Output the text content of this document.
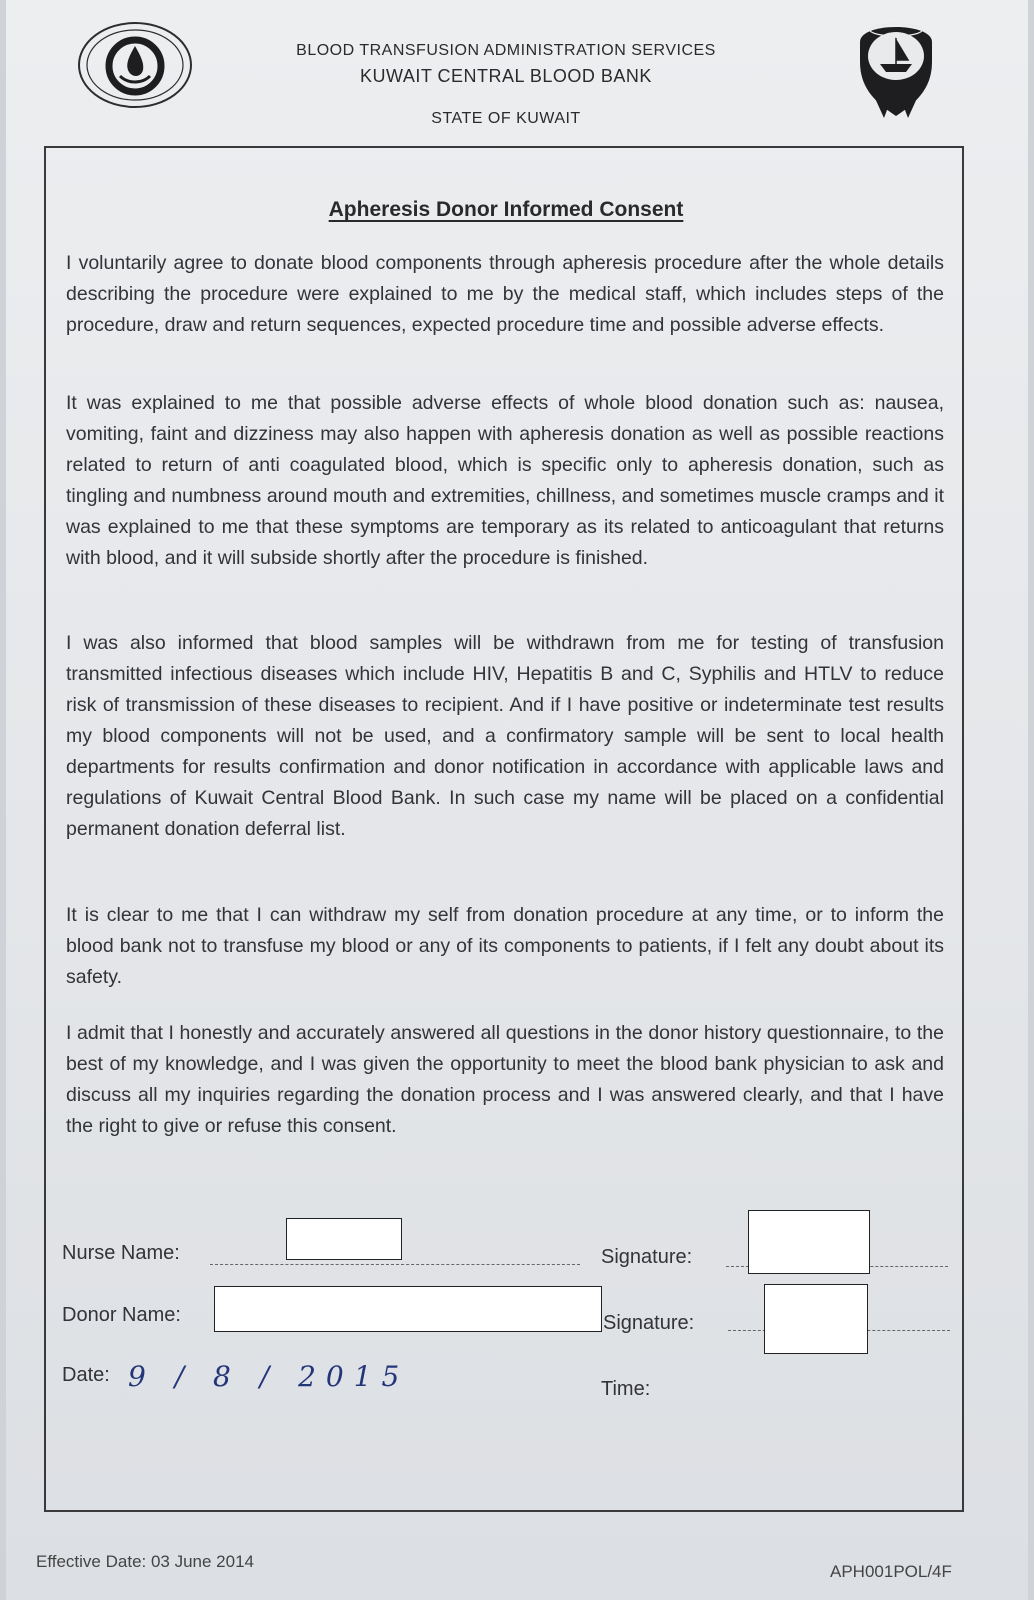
BLOOD TRANSFUSION ADMINISTRATION SERVICES
KUWAIT CENTRAL BLOOD BANK
STATE OF KUWAIT
Apheresis Donor Informed Consent
I voluntarily agree to donate blood components through apheresis procedure after the whole details describing the procedure were explained to me by the medical staff, which includes steps of the procedure, draw and return sequences, expected procedure time and possible adverse effects.
It was explained to me that possible adverse effects of whole blood donation such as: nausea, vomiting, faint and dizziness may also happen with apheresis donation as well as possible reactions related to return of anti coagulated blood, which is specific only to apheresis donation, such as tingling and numbness around mouth and extremities, chillness, and sometimes muscle cramps and it was explained to me that these symptoms are temporary as its related to anticoagulant that returns with blood, and it will subside shortly after the procedure is finished.
I was also informed that blood samples will be withdrawn from me for testing of transfusion transmitted infectious diseases which include HIV, Hepatitis B and C, Syphilis and HTLV to reduce risk of transmission of these diseases to recipient. And if I have positive or indeterminate test results my blood components will not be used, and a confirmatory sample will be sent to local health departments for results confirmation and donor notification in accordance with applicable laws and regulations of Kuwait Central Blood Bank. In such case my name will be placed on a confidential permanent donation deferral list.
It is clear to me that I can withdraw my self from donation procedure at any time, or to inform the blood bank not to transfuse my blood or any of its components to patients, if I felt any doubt about its safety.
I admit that I honestly and accurately answered all questions in the donor history questionnaire, to the best of my knowledge, and I was given the opportunity to meet the blood bank physician to ask and discuss all my inquiries regarding the donation process and I was answered clearly, and that I have the right to give or refuse this consent.
Nurse Name:	Signature:
Donor Name:	Signature:
Date: 9 / 8 / 2015	Time:
Effective Date: 03 June 2014
APH001POL/4F
